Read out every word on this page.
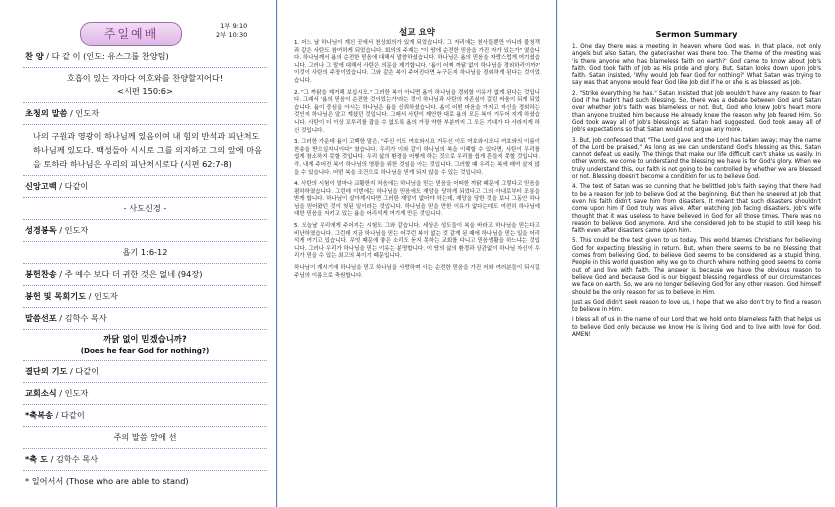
주일예배
1부 9:10
2부 10:30
찬 양 / 다 같 이 (인도: 유스그룹 찬양팀)
호흡이 있는 자마다 여호와를 찬양할지어다!
<시편 150:6>
초청의 말씀 / 인도자
나의 구원과 영광이 하나님께 있음이여 내 힘의 반석과 피난처도 하나님께 있도다. 백성들아 시시로 그를 의지하고 그의 앞에 마음을 토하라 하나님은 우리의 피난처시로다 (시편 62:7-8)
신앙고백 / 다같이
- 사도신경 -
성경봉독 / 인도자
욥기 1:6-12
봉헌찬송 / 주 예수 보다 더 귀한 것은 없네 (94장)
봉헌 및 목회기도 / 인도자
말씀선포 / 김학수 목사
까닭 없이 믿겠습니까?
(Does he fear God for nothing?)
결단의 기도 / 다같이
교회소식 / 인도자
*축복송 / 다같이
주의 말씀 앞에 선
*축 도 / 김학수 목사
* 일어서서 (Those who are able to stand)
설교 요약

1. 어느 날 하나님이 계신 곳에서 천상회의가 있게 되었습니다. 그 자리에는 천사들뿐만 아니라 불청객과 같은 사탄도 참여하게 되었습니다. 회의의 주제는 "이 땅에 순전한 믿음을 가진 자가 있는가" 였습니다. 하나님께서 욥의 순전한 믿음에 대해서 말씀하셨습니다. 하나님은 욥의 믿음을 자랑스럽게 여기셨습니다. 그러나 그 말에 대해서 사탄은 의문을 제기합니다. '욥이 어찌 까닭 없이 하나님을 경외하리이까?' 이것이 사탄의 주장이었습니다. 그와 같은 복이 주어진다면 누구든지 하나님을 경외하게 된다는 것이었습니다.

2. "그 까닭을 제거해 보십시오." 그러한 복이 아니면 욥이 하나님을 경외할 이유가 없게 된다는 것입니다. 그래서 '욥의 믿음이 순전한 것이었는가'라는 것이 하나님과 사탄의 자존심이 걸린 싸움이 되게 되었습니다. 욥이 중심을 아시는 하나님은 욥을 신뢰하셨습니다. 욥이 어떤 마음을 가지고 자신을 경외하는 것인지 하나님은 알고 계셨던 것입니다. 그래서 사탄이 제안한 대로 욥의 모든 복이 거두어 지게 하셨습니다. 사탄이 더 이상 꼬투리를 잡을 수 없도록 욥의 가장 약한 부분까지 그 모든 기대가 다 사라지게 하신 것입니다.

3. 그러한 가운데 욥이 고백한 말은, "주신 이도 여호와시요 거두신 이도 여호와시오니 여호와의 이름이 찬송을 받으실지니이다" 였습니다. 우리가 이와 같이 하나님의 복을 이해할 수 있다면, 사탄이 우리를 쉽게 참소하지 못할 것입니다. 우리 삶의 환경을 어떻게 하는 것으로 우리를 쉽게 흔들지 못할 것입니다. 즉, 내게 주어진 복이 하나님의 영광을 위한 것임을 아는 것입니다. 그러할 때 우리는 복에 매여 살지 않을 수 있습니다. 어떤 복을 조건으로 하나님을 믿게 되지 않을 수 있는 것입니다.

4. 사탄의 시험이 얼마나 교활한지 처음에는 하나님을 믿는 믿음을 어떠한 까닭 때문에 그렇다고 믿음을 폄하하였습니다. 그런데 이번에는 하나님을 믿음에도 재앙을 당하게 되었다고 그의 아내로부터 조롱을 받게 합니다. 하나님이 살아계시다면 그러한 재앙이 없어야 하는데, 재앙을 당한 것을 보니 그동안 하나님을 믿어왔던 것이 헛된 일이라는 것입니다. 하나님을 믿을 만한 이유가 없다는데도 여전히 하나님에 대한 믿음을 지키고 있는 욥을 어리석게 여기게 만든 것입니다.

5. 오늘날 우리에게 주어지는 시험도 그와 같습니다. 세상은 성도들이 복을 바라고 하나님을 믿는다고 비난하였습니다. 그런데 지금 하나님을 믿는 어쿠런 복이 없는 것 같게 된 때에 하나님을 믿는 일을 어리석게 여기고 있습니다. 무엇 때문에 좋은 소리도 듣지 못하는 교회를 다니고 믿음생활을 하느냐는 것입니다. 그러나 우리가 하나님을 믿는 이유는 분명합니다. 이 땅의 삶의 환경과 상관없이 하나님 자신이 우리가 믿을 수 있는 최고의 복이기 때문입니다.

하나님이 계시기에 하나님을 믿고 하나님을 사랑하며 사는 순전한 믿음을 가진 저와 여러분들이 되시길 주님의 이름으로 축원합니다.

Sermon Summary

1. One day there was a meeting in heaven where God was. In that place, not only angels but also Satan, the gatecrasher was there too. The theme of the meeting was 'is there anyone who has blameless faith on earth?' God came to know about Job's faith. God took faith of Job as His pride and glory. But, Satan looks down upon Job's faith. Satan insisted, 'Why would Job fear God for nothing?' What Satan was trying to say was that anyone would fear God like Job did if he or she is as blessed as Job.

2. "Strike everything he has." Satan insisted that Job wouldn't have any reason to fear God if he hadn't had such blessing. So, there was a debate between God and Satan over whether Job's faith was blameless or not. But, God who knew Job's heart more than anyone trusted him because He already knew the reason why Job feared Him. So God took away all of Job's blessings as Satan had suggested. God took away all of Job's expectations so that Satan would not argue any more.

3. But, Job confessed that "The Lord gave and the Lord has taken away; may the name of the Lord be praised." As long as we can understand God's blessing as this, Satan cannot defeat us easily. The things that make our life difficult can't shake us easily. In other words, we come to understand the blessing we have is for God's glory. When we truly understand this, our faith is not going to be controlled by whether we are blessed or not. Blessing doesn't become a condition for us to believe God.

4. The test of Satan was so cunning that he belittled Job's faith saying that there had to be a reason for Job to believe God at the beginning. But then he sneered at Job that even his faith didn't save him from disasters. It meant that such disasters shouldn't come upon him if God truly was alive. After watching Job facing disasters, Job's wife thought that it was useless to have believed in God for all those times. There was no reason to believe God anymore. And she considered Job to be stupid to still keep his faith even after disasters came upon him.

5. This could be the test given to us today. This world blames Christians for believing God for expecting blessing in return. But, when there seems to be no blessing that comes from believing God, to believe God seems to be considered as a stupid thing. People in this world question why we go to church where nothing good seems to come out of and live with faith. The answer is because we have the obvious reason to believe God and because God is our biggest blessing regardless of our circumstances we face on earth. So, we are no longer believing God for any other reason. God himself should be the only reason for us to believe in Him.

Just as God didn't seek reason to love us, I hope that we also don't try to find a reason to believe in Him.

I bless all of us in the name of our Lord that we hold onto blameless faith that helps us to believe God only because we know He is living God and to live with love for God. AMEN!
